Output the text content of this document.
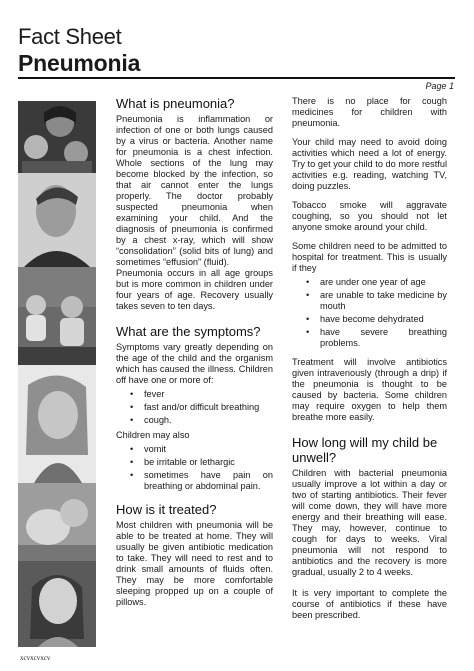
Fact Sheet
Pneumonia
Page 1
xcvxcvxcv
What is pneumonia?

Pneumonia is inflammation or infection of one or both lungs caused by a virus or bacteria. Another name for pneumonia is a chest infection. Whole sections of the lung may become blocked by the infection, so that air cannot enter the lungs properly. The doctor probably suspected pneumonia when examining your child. And the diagnosis of pneumonia is confirmed by a chest x-ray, which will show “consolidation” (solid bits of lung) and sometimes “effusion” (fluid).

Pneumonia occurs in all age groups but is more common in children under four years of age. Recovery usually takes seven to ten days.

What are the symptoms?

Symptoms vary greatly depending on the age of the child and the organism which has caused the illness. Children off have one or more of:

• fever
• fast and/or difficult breathing
• cough.

Children may also

• vomit
• be irritable or lethargic
• sometimes have pain on breathing or abdominal pain.
How is it treated?

Most children with pneumonia will be able to be treated at home. They will usually be given antibiotic medication to take. They will need to rest and to drink small amounts of fluids often. They may be more comfortable sleeping propped up on a couple of pillows.

There is no place for cough medicines for children with pneumonia.

Your child may need to avoid doing activities which need a lot of energy. Try to get your child to do more restful activities e.g. reading, watching TV, doing puzzles.

Tobacco smoke will aggravate coughing, so you should not let anyone smoke around your child.

Some children need to be admitted to hospital for treatment. This is usually if they

• are under one year of age
• are unable to take medicine by mouth
• have become dehydrated
• have severe breathing problems.

Treatment will involve antibiotics given intravenously (through a drip) if the pneumonia is thought to be caused by bacteria. Some children may require oxygen to help them breathe more easily.

How long will my child be unwell?

Children with bacterial pneumonia usually improve a lot within a day or two of starting antibiotics. Their fever will come down, they will have more energy and their breathing will ease. They may, however, continue to cough for days to weeks. Viral pneumonia will not respond to antibiotics and the recovery is more gradual, usually 2 to 4 weeks.

It is very important to complete the course of antibiotics if these have been prescribed.
